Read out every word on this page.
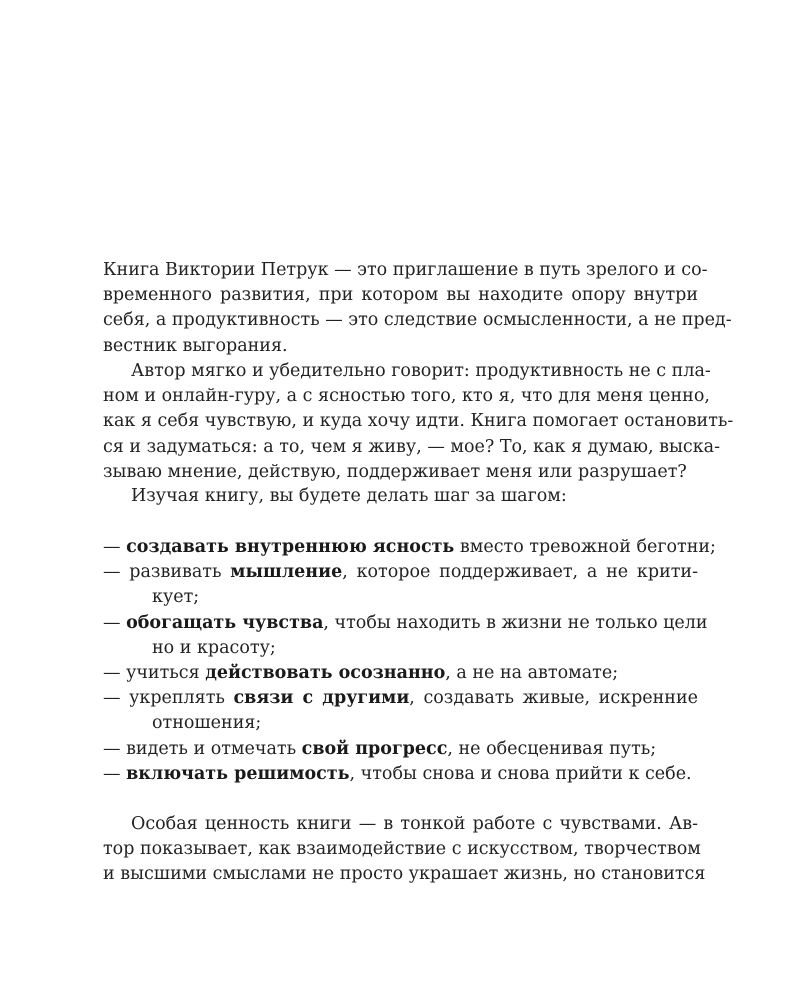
Книга Виктории Петрук — это приглашение в путь зрелого и со-
временного развития, при котором вы находите опору внутри
себя, а продуктивность — это следствие осмысленности, а не пред-
вестник выгорания.
Автор мягко и убедительно говорит: продуктивность не с пла-
ном и онлайн-гуру, а с ясностью того, кто я, что для меня ценно,
как я себя чувствую, и куда хочу идти. Книга помогает остановить-
ся и задуматься: а то, чем я живу, — мое? То, как я думаю, выска-
зываю мнение, действую, поддерживает меня или разрушает?
Изучая книгу, вы будете делать шаг за шагом:
— создавать внутреннюю ясность вместо тревожной беготни;
— развивать мышление, которое поддерживает, а не крити-
кует;
— обогащать чувства, чтобы находить в жизни не только цели
но и красоту;
— учиться действовать осознанно, а не на автомате;
— укреплять связи с другими, создавать живые, искренние
отношения;
— видеть и отмечать свой прогресс, не обесценивая путь;
— включать решимость, чтобы снова и снова прийти к себе.
Особая ценность книги — в тонкой работе с чувствами. Ав-
тор показывает, как взаимодействие с искусством, творчеством
и высшими смыслами не просто украшает жизнь, но становится
